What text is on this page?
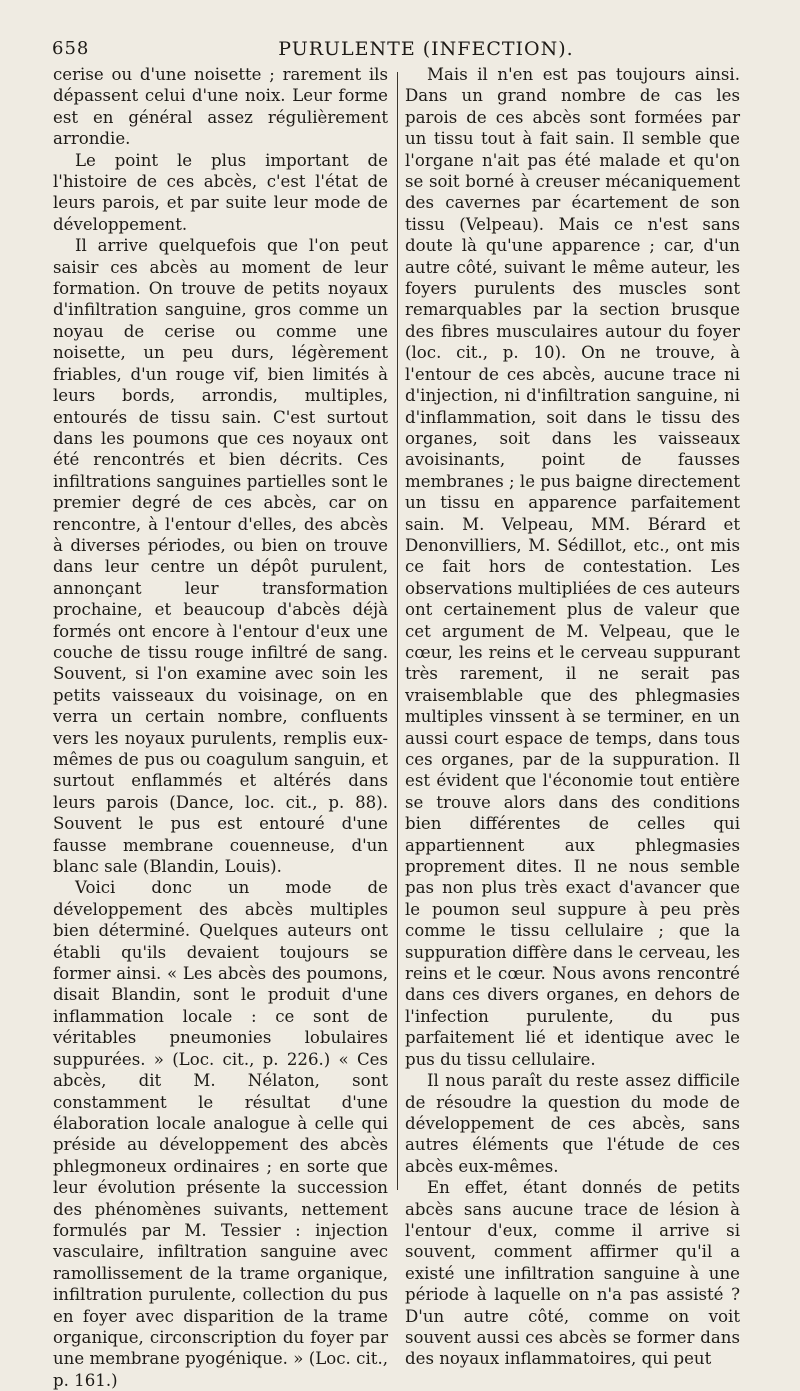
658	PURULENTE (INFECTION).

cerise ou d'une noisette ; rarement ils dépassent celui d'une noix. Leur forme est en général assez régulièrement arrondie.

Le point le plus important de l'histoire de ces abcès, c'est l'état de leurs parois, et par suite leur mode de développement.

Il arrive quelquefois que l'on peut saisir ces abcès au moment de leur formation. On trouve de petits noyaux d'infiltration sanguine, gros comme un noyau de cerise ou comme une noisette, un peu durs, légèrement friables, d'un rouge vif, bien limités à leurs bords, arrondis, multiples, entourés de tissu sain. C'est surtout dans les poumons que ces noyaux ont été rencontrés et bien décrits. Ces infiltrations sanguines partielles sont le premier degré de ces abcès, car on rencontre, à l'entour d'elles, des abcès à diverses périodes, ou bien on trouve dans leur centre un dépôt purulent, annonçant leur transformation prochaine, et beaucoup d'abcès déjà formés ont encore à l'entour d'eux une couche de tissu rouge infiltré de sang. Souvent, si l'on examine avec soin les petits vaisseaux du voisinage, on en verra un certain nombre, confluents vers les noyaux purulents, remplis eux-mêmes de pus ou coagulum sanguin, et surtout enflammés et altérés dans leurs parois (Dance, loc. cit., p. 88). Souvent le pus est entouré d'une fausse membrane couenneuse, d'un blanc sale (Blandin, Louis).

Voici donc un mode de développement des abcès multiples bien déterminé. Quelques auteurs ont établi qu'ils devaient toujours se former ainsi. « Les abcès des poumons, disait Blandin, sont le produit d'une inflammation locale : ce sont de véritables pneumonies lobulaires suppurées. » (Loc. cit., p. 226.) « Ces abcès, dit M. Nélaton, sont constamment le résultat d'une élaboration locale analogue à celle qui préside au développement des abcès phlegmoneux ordinaires ; en sorte que leur évolution présente la succession des phénomènes suivants, nettement formulés par M. Tessier : injection vasculaire, infiltration sanguine avec ramollissement de la trame organique, infiltration purulente, collection du pus en foyer avec disparition de la trame organique, circonscription du foyer par une membrane pyogénique. » (Loc. cit., p. 161.)

Mais il n'en est pas toujours ainsi. Dans un grand nombre de cas les parois de ces abcès sont formées par un tissu tout à fait sain. Il semble que l'organe n'ait pas été malade et qu'on se soit borné à creuser mécaniquement des cavernes par écartement de son tissu (Velpeau). Mais ce n'est sans doute là qu'une apparence ; car, d'un autre côté, suivant le même auteur, les foyers purulents des muscles sont remarquables par la section brusque des fibres musculaires autour du foyer (loc. cit., p. 10). On ne trouve, à l'entour de ces abcès, aucune trace ni d'injection, ni d'infiltration sanguine, ni d'inflammation, soit dans le tissu des organes, soit dans les vaisseaux avoisinants, point de fausses membranes ; le pus baigne directement un tissu en apparence parfaitement sain. M. Velpeau, MM. Bérard et Denonvilliers, M. Sédillot, etc., ont mis ce fait hors de contestation. Les observations multipliées de ces auteurs ont certainement plus de valeur que cet argument de M. Velpeau, que le cœur, les reins et le cerveau suppurant très rarement, il ne serait pas vraisemblable que des phlegmasies multiples vinssent à se terminer, en un aussi court espace de temps, dans tous ces organes, par de la suppuration. Il est évident que l'économie tout entière se trouve alors dans des conditions bien différentes de celles qui appartiennent aux phlegmasies proprement dites. Il ne nous semble pas non plus très exact d'avancer que le poumon seul suppure à peu près comme le tissu cellulaire ; que la suppuration diffère dans le cerveau, les reins et le cœur. Nous avons rencontré dans ces divers organes, en dehors de l'infection purulente, du pus parfaitement lié et identique avec le pus du tissu cellulaire.

Il nous paraît du reste assez difficile de résoudre la question du mode de développement de ces abcès, sans autres éléments que l'étude de ces abcès eux-mêmes.

En effet, étant donnés de petits abcès sans aucune trace de lésion à l'entour d'eux, comme il arrive si souvent, comment affirmer qu'il a existé une infiltration sanguine à une période à laquelle on n'a pas assisté ? D'un autre côté, comme on voit souvent aussi ces abcès se former dans des noyaux inflammatoires, qui peut
